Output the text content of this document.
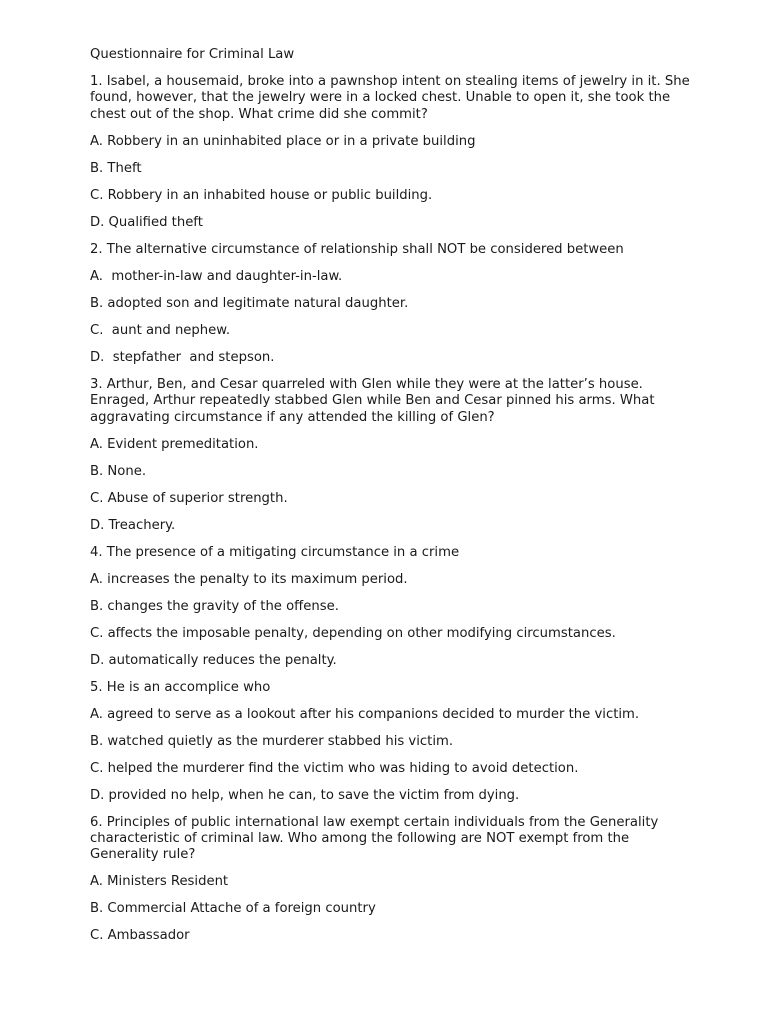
Questionnaire for Criminal Law

1. Isabel, a housemaid, broke into a pawnshop intent on stealing items of jewelry in it. She found, however, that the jewelry were in a locked chest. Unable to open it, she took the chest out of the shop. What crime did she commit?

A. Robbery in an uninhabited place or in a private building

B. Theft

C. Robbery in an inhabited house or public building.

D. Qualified theft

2. The alternative circumstance of relationship shall NOT be considered between

A.  mother-in-law and daughter-in-law.

B. adopted son and legitimate natural daughter.

C.  aunt and nephew.

D.  stepfather  and stepson.

3. Arthur, Ben, and Cesar quarreled with Glen while they were at the latter’s house. Enraged, Arthur repeatedly stabbed Glen while Ben and Cesar pinned his arms. What aggravating circumstance if any attended the killing of Glen?

A. Evident premeditation.

B. None.

C. Abuse of superior strength.

D. Treachery.

4. The presence of a mitigating circumstance in a crime

A. increases the penalty to its maximum period.

B. changes the gravity of the offense.

C. affects the imposable penalty, depending on other modifying circumstances.

D. automatically reduces the penalty.

5. He is an accomplice who

A. agreed to serve as a lookout after his companions decided to murder the victim.

B. watched quietly as the murderer stabbed his victim.

C. helped the murderer find the victim who was hiding to avoid detection.

D. provided no help, when he can, to save the victim from dying.

6. Principles of public international law exempt certain individuals from the Generality characteristic of criminal law. Who among the following are NOT exempt from the Generality rule?

A. Ministers Resident

B. Commercial Attache of a foreign country

C. Ambassador
